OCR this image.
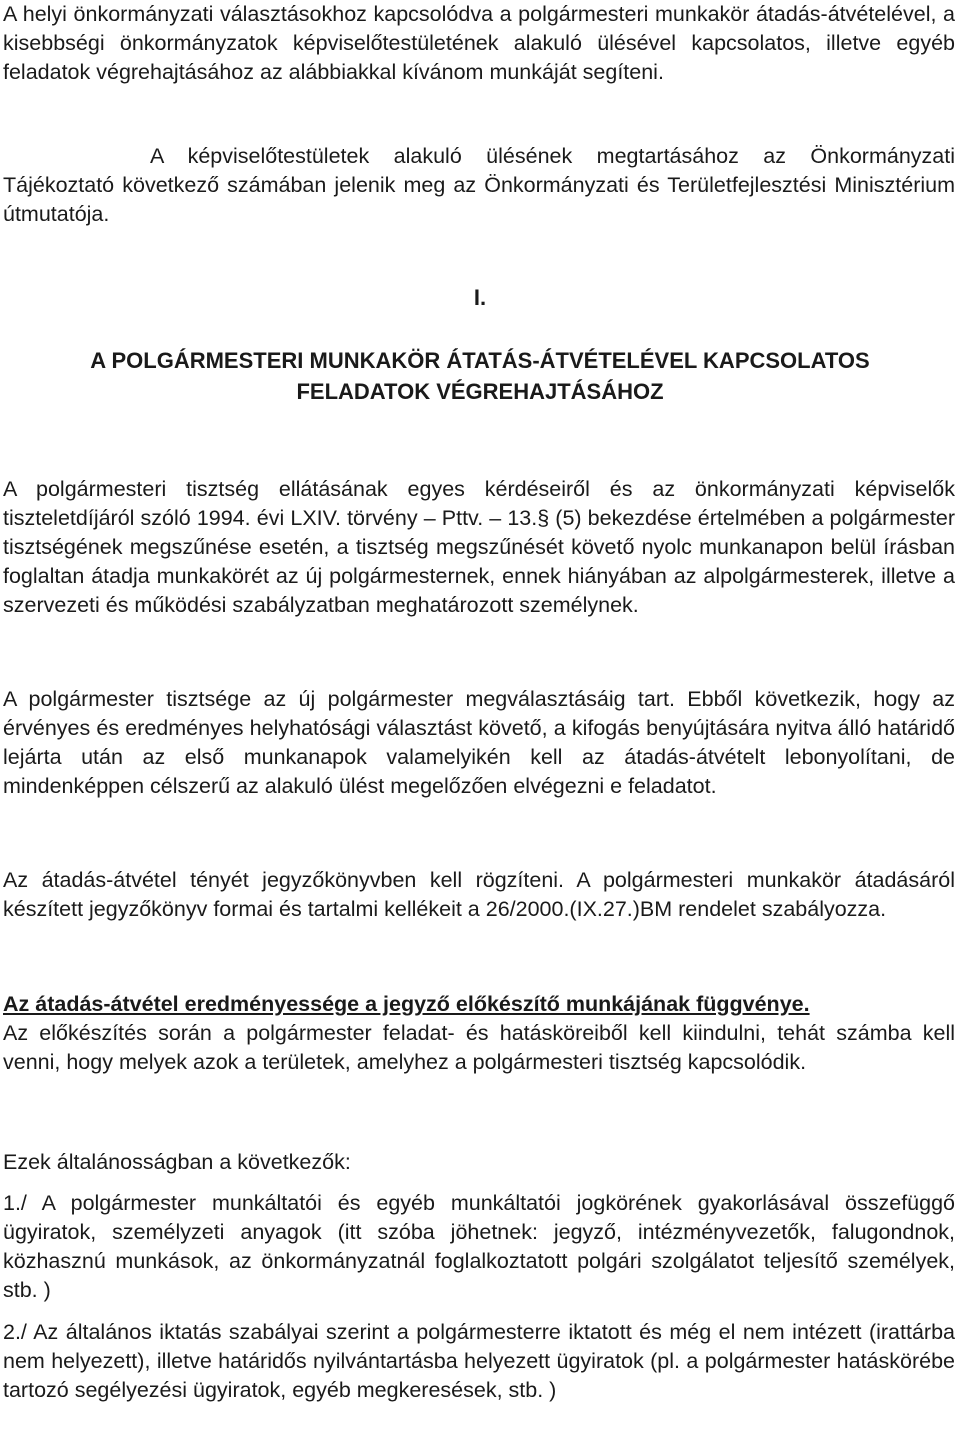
A helyi önkormányzati választásokhoz kapcsolódva a polgármesteri munkakör átadás-átvételével, a kisebbségi önkormányzatok képviselőtestületének alakuló ülésével kapcsolatos, illetve egyéb feladatok végrehajtásához az alábbiakkal kívánom munkáját segíteni.

A képviselőtestületek alakuló ülésének megtartásához az Önkormányzati Tájékoztató következő számában jelenik meg az Önkormányzati és Területfejlesztési Minisztérium útmutatója.

I.

A POLGÁRMESTERI MUNKAKÖR ÁTATÁS-ÁTVÉTELÉVEL KAPCSOLATOS
FELADATOK VÉGREHAJTÁSÁHOZ

A polgármesteri tisztség ellátásának egyes kérdéseiről és az önkormányzati képviselők tiszteletdíjáról szóló 1994. évi LXIV. törvény – Pttv. – 13.§ (5) bekezdése értelmében a polgármester tisztségének megszűnése esetén, a tisztség megszűnését követő nyolc munkanapon belül írásban foglaltan átadja munkakörét az új polgármesternek, ennek hiányában az alpolgármesterek, illetve a szervezeti és működési szabályzatban meghatározott személynek.

A polgármester tisztsége az új polgármester megválasztásáig tart. Ebből következik, hogy az érvényes és eredményes helyhatósági választást követő, a kifogás benyújtására nyitva álló határidő lejárta után az első munkanapok valamelyikén kell az átadás-átvételt lebonyolítani, de mindenképpen célszerű az alakuló ülést megelőzően elvégezni e feladatot.

Az átadás-átvétel tényét jegyzőkönyvben kell rögzíteni. A polgármesteri munkakör átadásáról készített jegyzőkönyv formai és tartalmi kellékeit a 26/2000.(IX.27.)BM rendelet szabályozza.

Az átadás-átvétel eredményessége a jegyző előkészítő munkájának függvénye.
Az előkészítés során a polgármester feladat- és hatásköreiből kell kiindulni, tehát számba kell venni, hogy melyek azok a területek, amelyhez a polgármesteri tisztség kapcsolódik.

Ezek általánosságban a következők:

1./ A polgármester munkáltatói és egyéb munkáltatói jogkörének gyakorlásával összefüggő ügyiratok, személyzeti anyagok (itt szóba jöhetnek: jegyző, intézményvezetők, falugondnok, közhasznú munkások, az önkormányzatnál foglalkoztatott polgári szolgálatot teljesítő személyek, stb. )

2./ Az általános iktatás szabályai szerint a polgármesterre iktatott és még el nem intézett (irattárba nem helyezett), illetve határidős nyilvántartásba helyezett ügyiratok (pl. a polgármester hatáskörébe tartozó segélyezési ügyiratok, egyéb megkeresések, stb. )
